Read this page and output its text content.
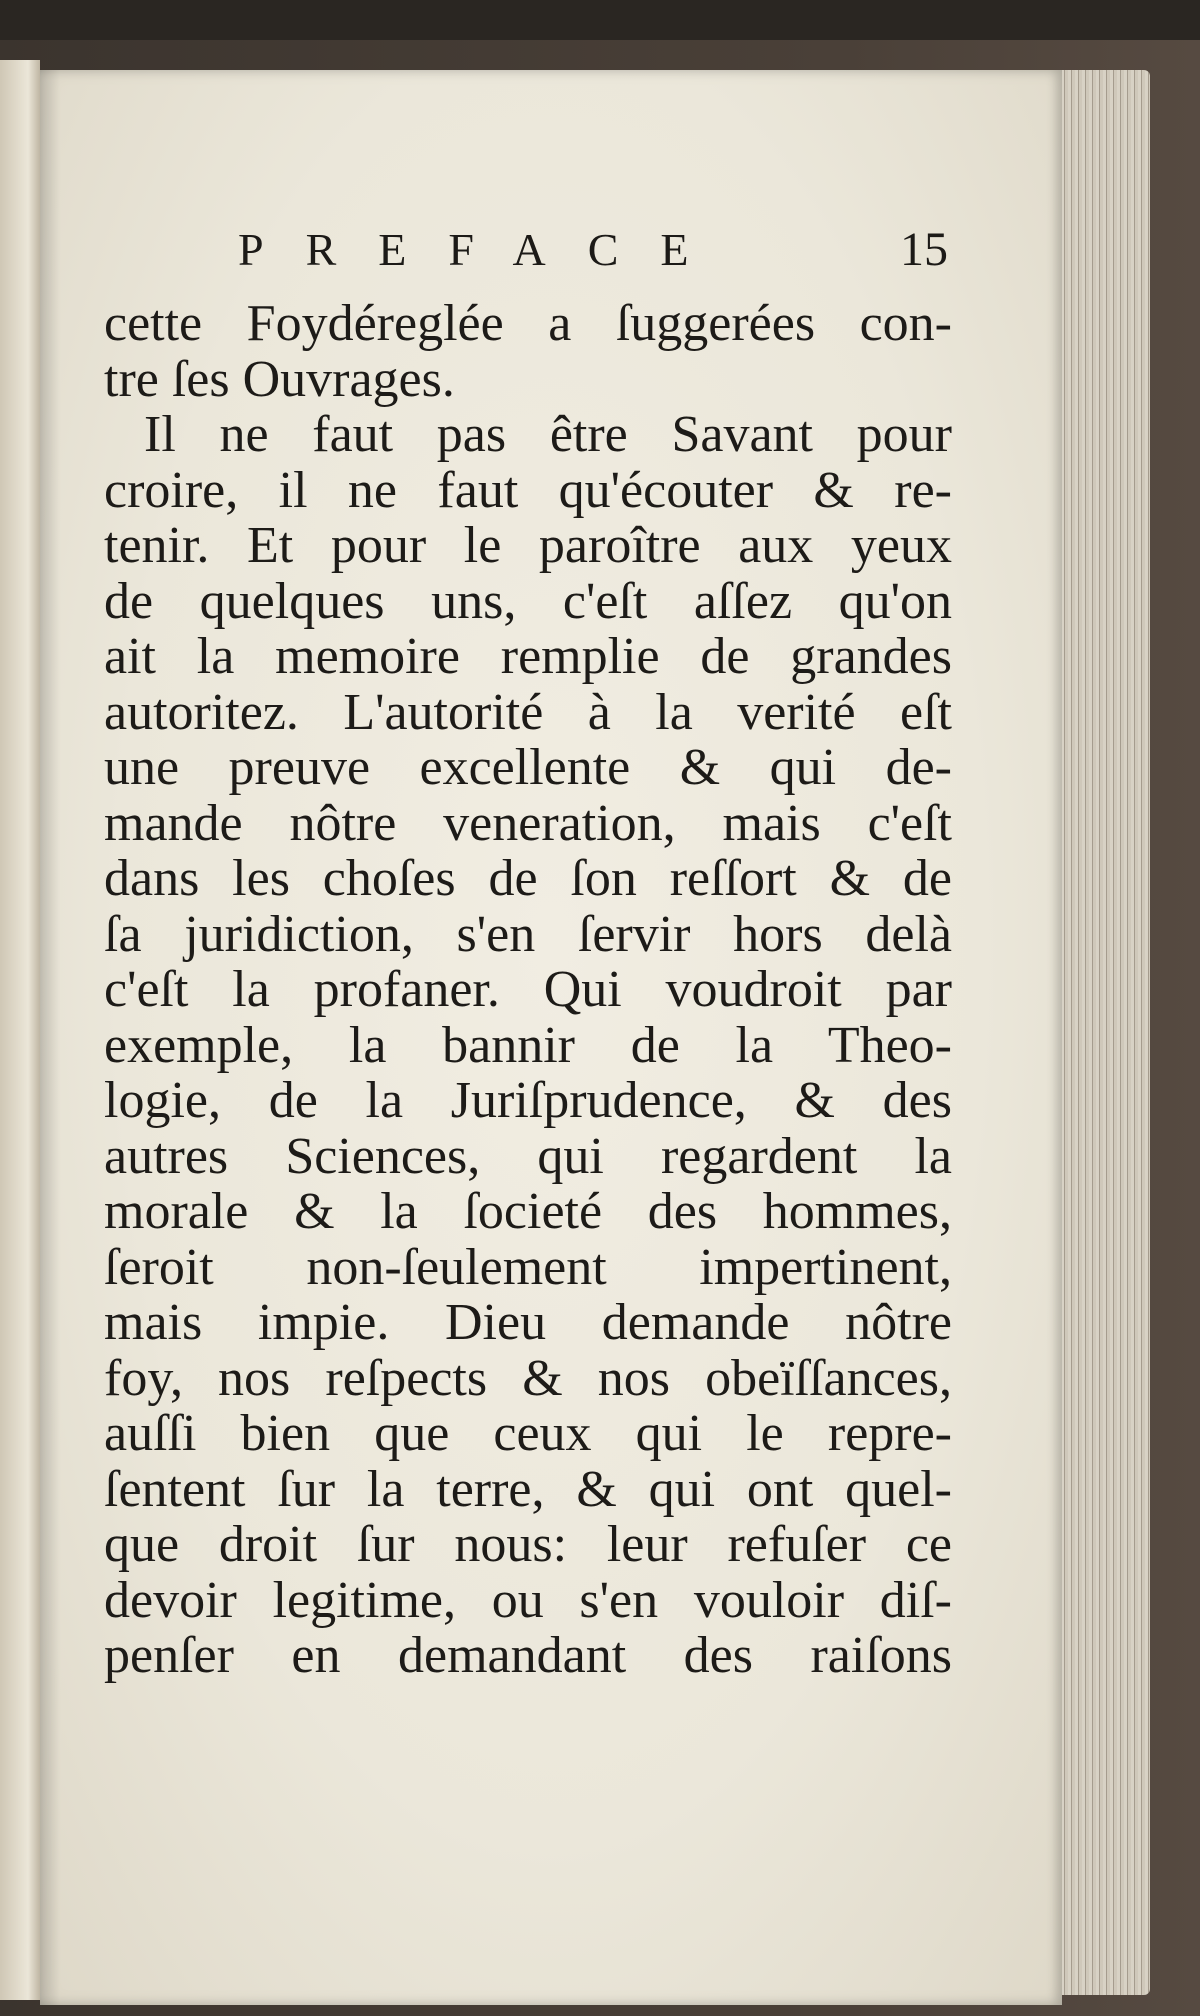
PREFACE	15
cette Foydéreglée a ſuggerées con-
tre ſes Ouvrages.
Il ne faut pas être Savant pour
croire, il ne faut qu'écouter & re-
tenir. Et pour le paroître aux yeux
de quelques uns, c'eſt aſſez qu'on
ait la memoire remplie de grandes
autoritez. L'autorité à la verité eſt
une preuve excellente & qui de-
mande nôtre veneration, mais c'eſt
dans les choſes de ſon reſſort & de
ſa juridiction, s'en ſervir hors delà
c'eſt la profaner. Qui voudroit par
exemple, la bannir de la Theo-
logie, de la Juriſprudence, & des
autres Sciences, qui regardent la
morale & la ſocieté des hommes,
ſeroit non-ſeulement impertinent,
mais impie. Dieu demande nôtre
foy, nos reſpects & nos obeïſſances,
auſſi bien que ceux qui le repre-
ſentent ſur la terre, & qui ont quel-
que droit ſur nous: leur refuſer ce
devoir legitime, ou s'en vouloir diſ-
penſer en demandant des raiſons
